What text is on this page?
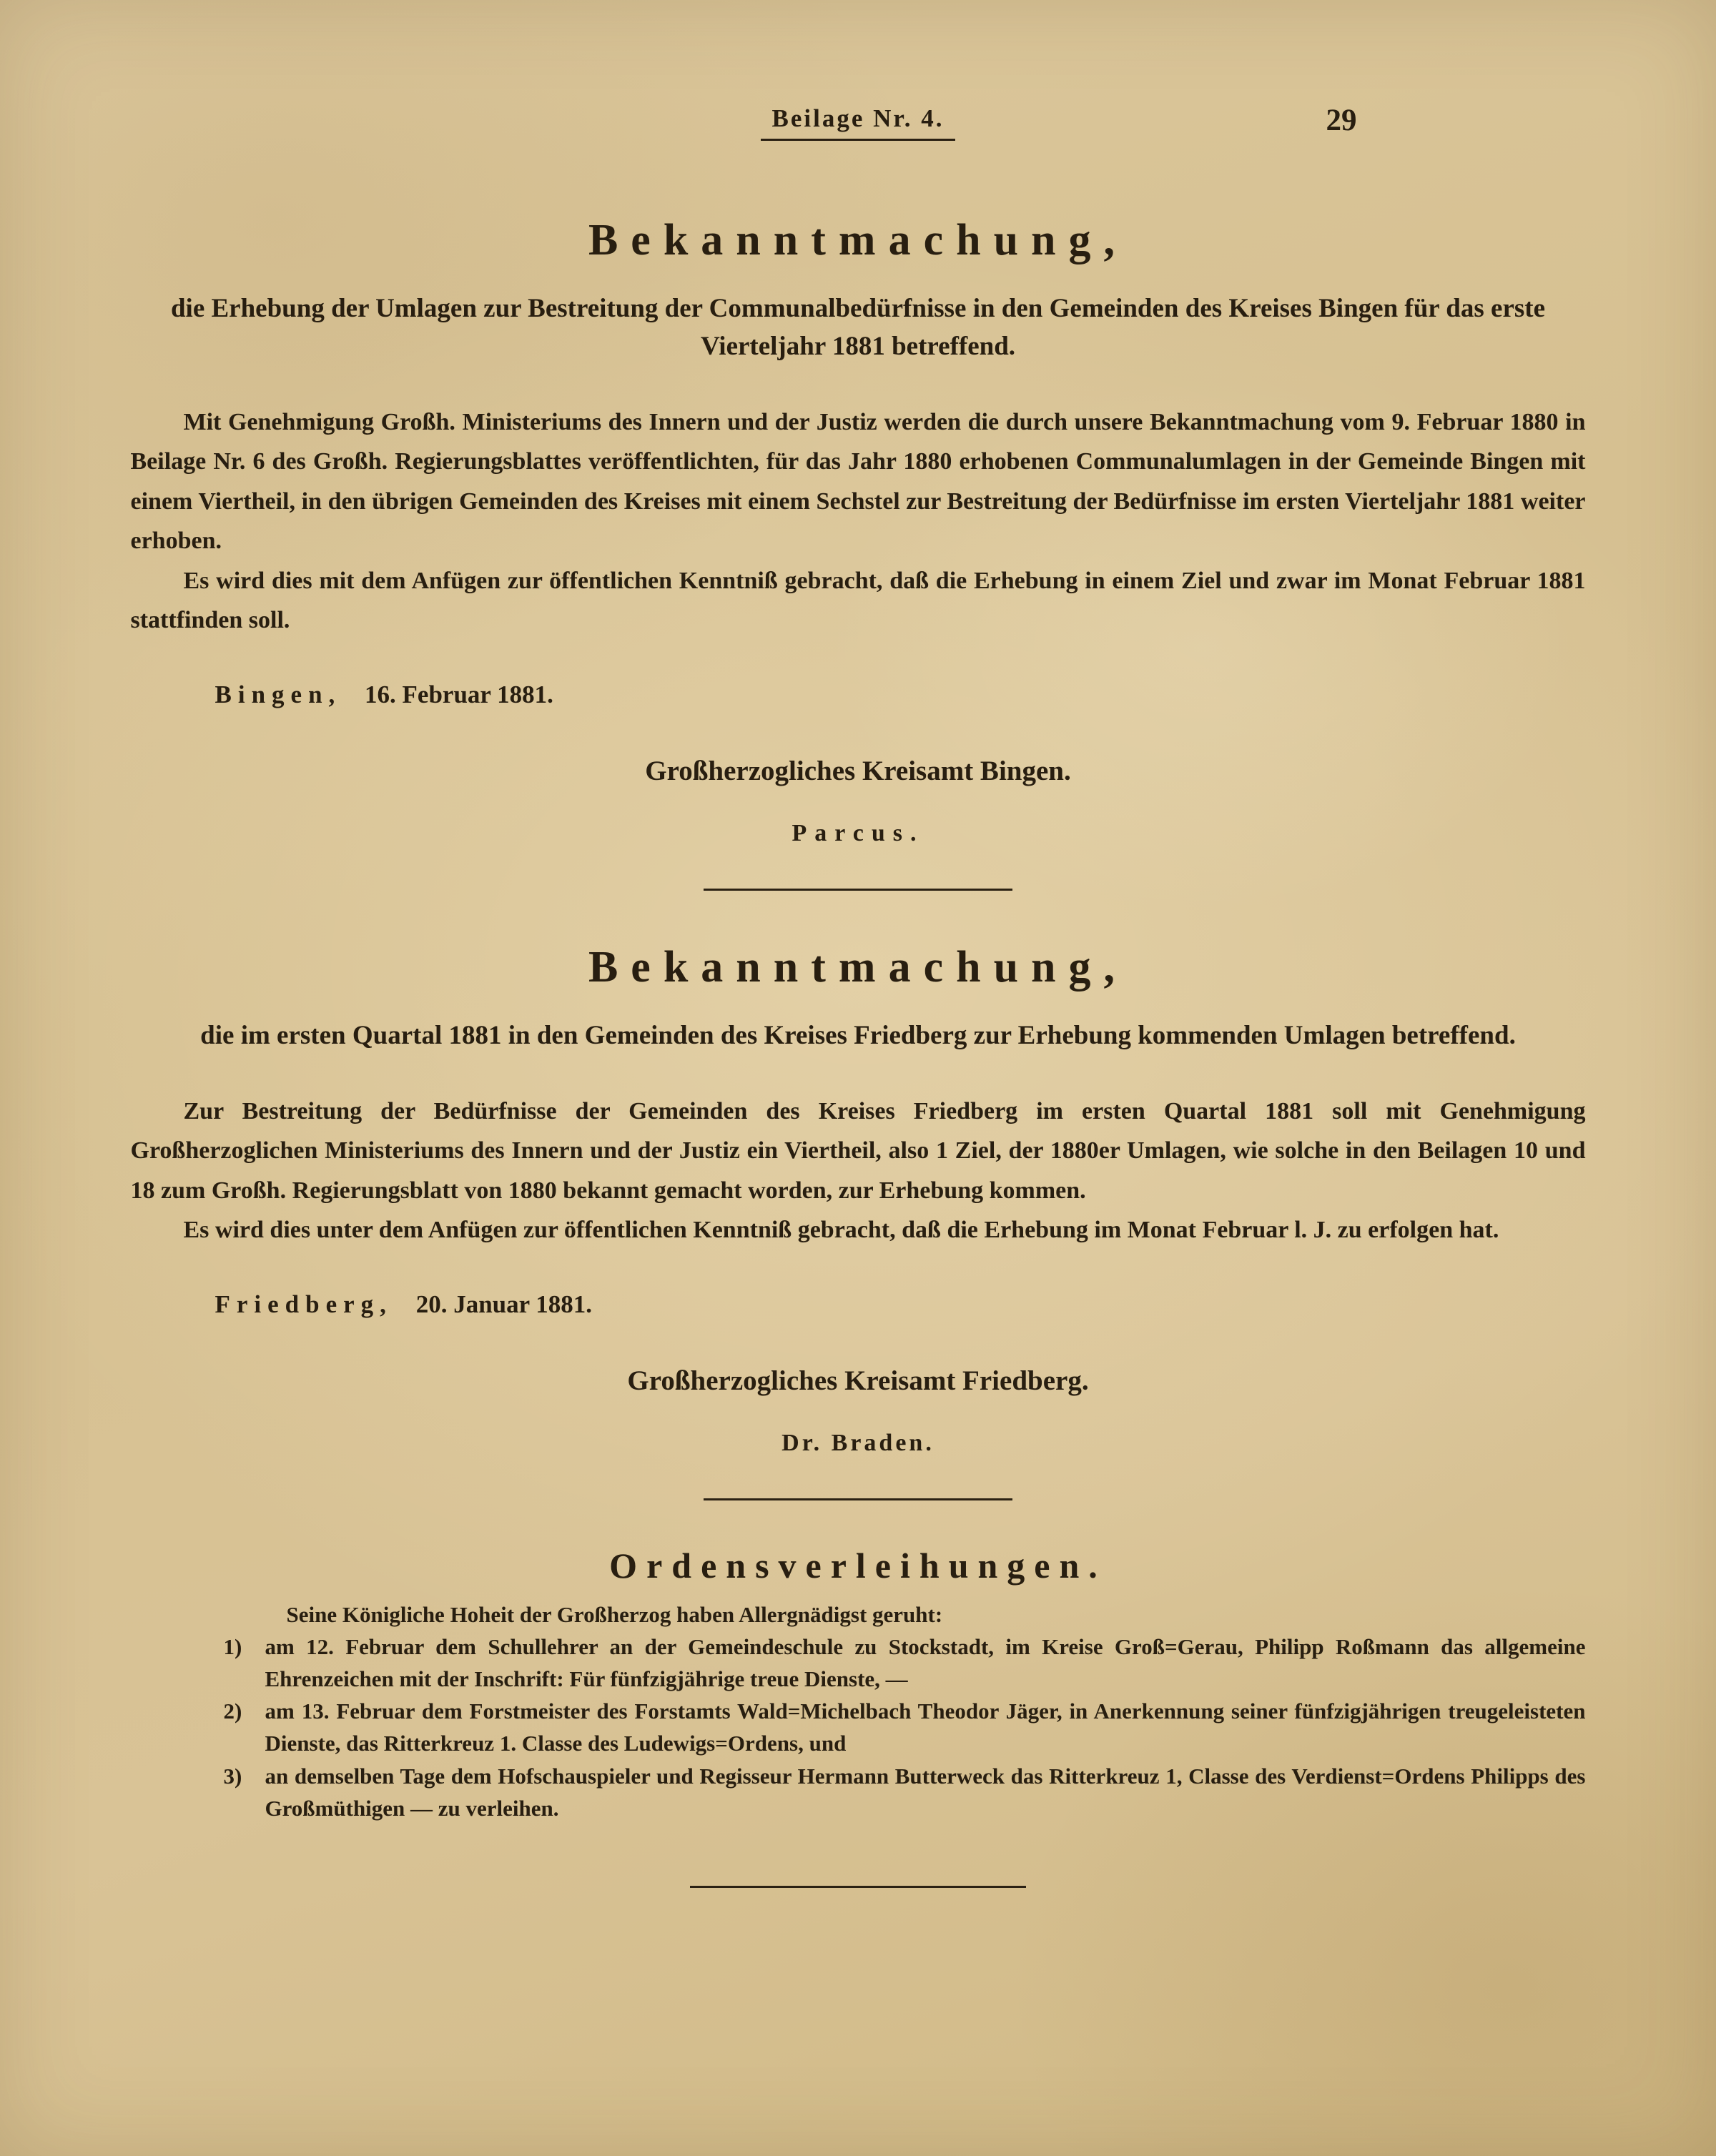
Beilage Nr. 4.	29
Bekanntmachung,
die Erhebung der Umlagen zur Bestreitung der Communalbedürfnisse in den Gemeinden des Kreises Bingen für das erste Vierteljahr 1881 betreffend.

Mit Genehmigung Großh. Ministeriums des Innern und der Justiz werden die durch unsere Bekanntmachung vom 9. Februar 1880 in Beilage Nr. 6 des Großh. Regierungsblattes veröffentlichten, für das Jahr 1880 erhobenen Communalumlagen in der Gemeinde Bingen mit einem Viertheil, in den übrigen Gemeinden des Kreises mit einem Sechstel zur Bestreitung der Bedürfnisse im ersten Vierteljahr 1881 weiter erhoben.

Es wird dies mit dem Anfügen zur öffentlichen Kenntniß gebracht, daß die Erhebung in einem Ziel und zwar im Monat Februar 1881 stattfinden soll.

Bingen, 16. Februar 1881.
Großherzogliches Kreisamt Bingen.
Parcus.
Bekanntmachung,
die im ersten Quartal 1881 in den Gemeinden des Kreises Friedberg zur Erhebung kommenden Umlagen betreffend.

Zur Bestreitung der Bedürfnisse der Gemeinden des Kreises Friedberg im ersten Quartal 1881 soll mit Genehmigung Großherzoglichen Ministeriums des Innern und der Justiz ein Viertheil, also 1 Ziel, der 1880er Umlagen, wie solche in den Beilagen 10 und 18 zum Großh. Regierungsblatt von 1880 bekannt gemacht worden, zur Erhebung kommen.

Es wird dies unter dem Anfügen zur öffentlichen Kenntniß gebracht, daß die Erhebung im Monat Februar l. J. zu erfolgen hat.

Friedberg, 20. Januar 1881.
Großherzogliches Kreisamt Friedberg.
Dr. Braden.
Ordensverleihungen.

Seine Königliche Hoheit der Großherzog haben Allergnädigst geruht:

1)	am 12. Februar dem Schullehrer an der Gemeindeschule zu Stockstadt, im Kreise Groß=Gerau, Philipp Roßmann das allgemeine Ehrenzeichen mit der Inschrift: Für fünfzigjährige treue Dienste, —
2)	am 13. Februar dem Forstmeister des Forstamts Wald=Michelbach Theodor Jäger, in Anerkennung seiner fünfzigjährigen treugeleisteten Dienste, das Ritterkreuz 1. Classe des Ludewigs=Ordens, und
3)	an demselben Tage dem Hofschauspieler und Regisseur Hermann Butterweck das Ritterkreuz 1, Classe des Verdienst=Ordens Philipps des Großmüthigen — zu verleihen.
